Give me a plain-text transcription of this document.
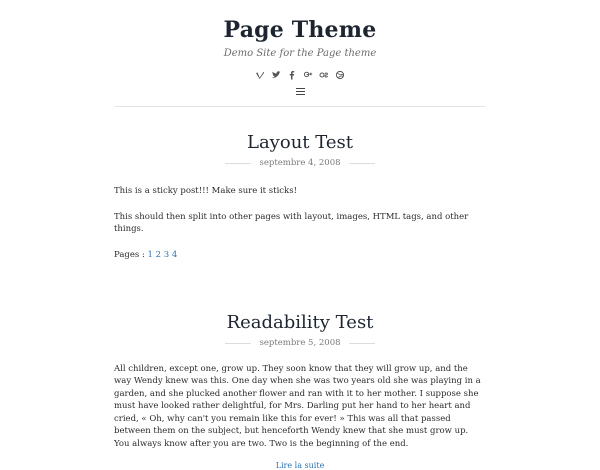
Page Theme
Demo Site for the Page theme
Layout Test
septembre 4, 2008

This is a sticky post!!! Make sure it sticks!

This should then split into other pages with layout, images, HTML tags, and other things.

Pages : 1 2 3 4
Readability Test
septembre 5, 2008

All children, except one, grow up. They soon know that they will grow up, and the way Wendy knew was this. One day when she was two years old she was playing in a garden, and she plucked another flower and ran with it to her mother. I suppose she must have looked rather delightful, for Mrs. Darling put her hand to her heart and cried, « Oh, why can't you remain like this for ever! » This was all that passed between them on the subject, but henceforth Wendy knew that she must grow up. You always know after you are two. Two is the beginning of the end.

Lire la suite
